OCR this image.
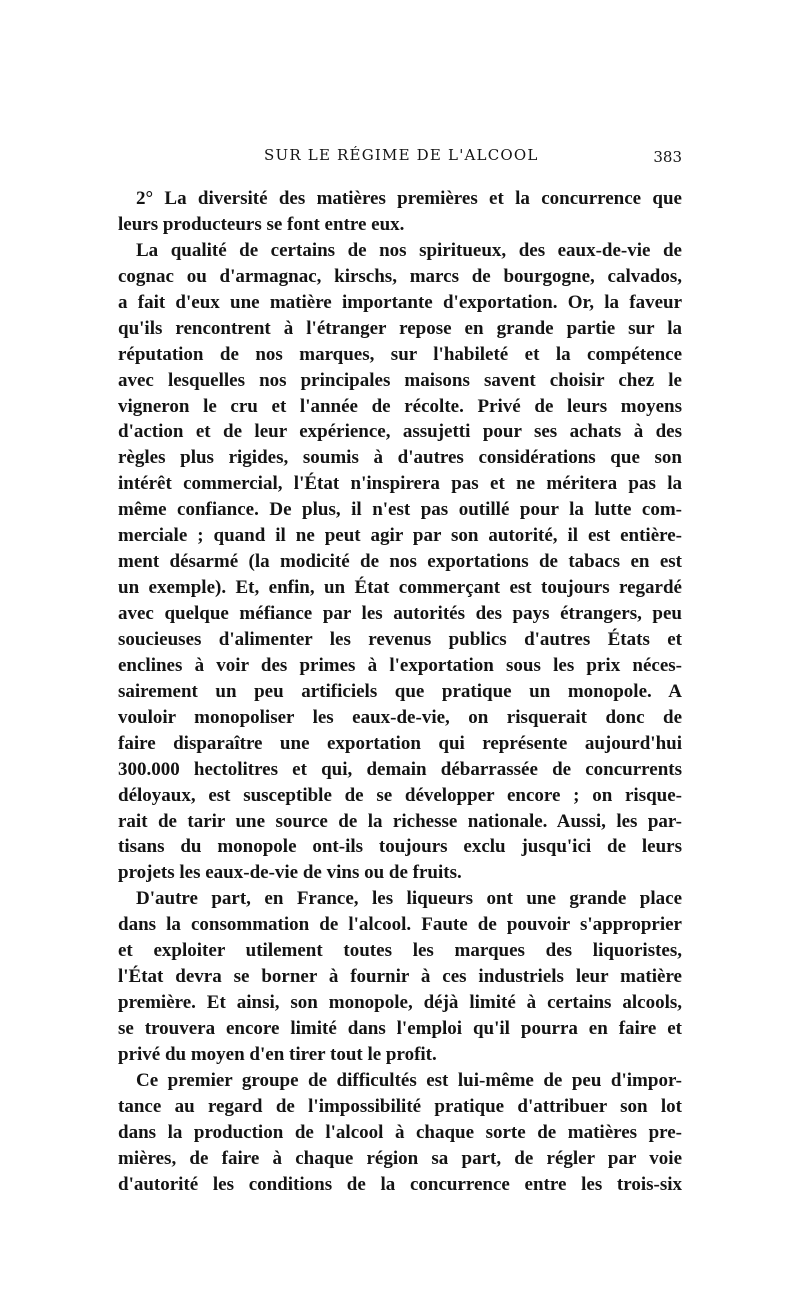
SUR LE RÉGIME DE L'ALCOOL	383
2° La diversité des matières premières et la concurrence que
leurs producteurs se font entre eux.
La qualité de certains de nos spiritueux, des eaux-de-vie de
cognac ou d'armagnac, kirschs, marcs de bourgogne, calvados,
a fait d'eux une matière importante d'exportation. Or, la faveur
qu'ils rencontrent à l'étranger repose en grande partie sur la
réputation de nos marques, sur l'habileté et la compétence
avec lesquelles nos principales maisons savent choisir chez le
vigneron le cru et l'année de récolte. Privé de leurs moyens
d'action et de leur expérience, assujetti pour ses achats à des
règles plus rigides, soumis à d'autres considérations que son
intérêt commercial, l'État n'inspirera pas et ne méritera pas la
même confiance. De plus, il n'est pas outillé pour la lutte com-
merciale ; quand il ne peut agir par son autorité, il est entière-
ment désarmé (la modicité de nos exportations de tabacs en est
un exemple). Et, enfin, un État commerçant est toujours regardé
avec quelque méfiance par les autorités des pays étrangers, peu
soucieuses d'alimenter les revenus publics d'autres États et
enclines à voir des primes à l'exportation sous les prix néces-
sairement un peu artificiels que pratique un monopole. A
vouloir monopoliser les eaux-de-vie, on risquerait donc de
faire disparaître une exportation qui représente aujourd'hui
300.000 hectolitres et qui, demain débarrassée de concurrents
déloyaux, est susceptible de se développer encore ; on risque-
rait de tarir une source de la richesse nationale. Aussi, les par-
tisans du monopole ont-ils toujours exclu jusqu'ici de leurs
projets les eaux-de-vie de vins ou de fruits.
D'autre part, en France, les liqueurs ont une grande place
dans la consommation de l'alcool. Faute de pouvoir s'approprier
et exploiter utilement toutes les marques des liquoristes,
l'État devra se borner à fournir à ces industriels leur matière
première. Et ainsi, son monopole, déjà limité à certains alcools,
se trouvera encore limité dans l'emploi qu'il pourra en faire et
privé du moyen d'en tirer tout le profit.
Ce premier groupe de difficultés est lui-même de peu d'impor-
tance au regard de l'impossibilité pratique d'attribuer son lot
dans la production de l'alcool à chaque sorte de matières pre-
mières, de faire à chaque région sa part, de régler par voie
d'autorité les conditions de la concurrence entre les trois-six
